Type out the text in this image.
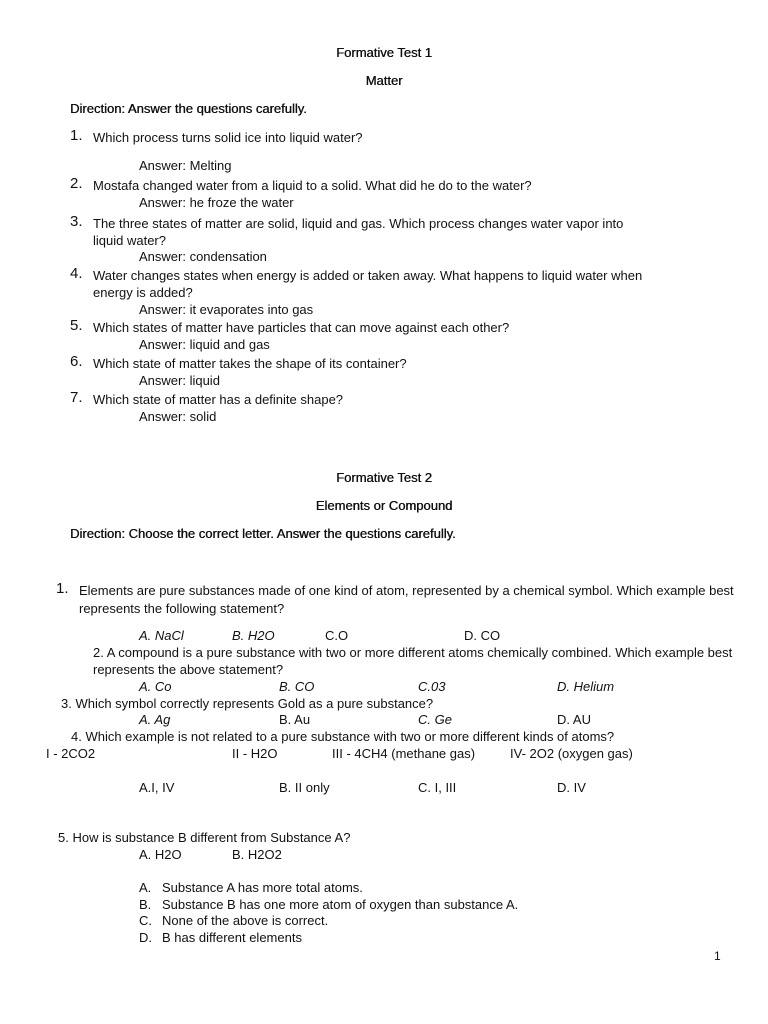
Formative Test 1
Matter
Direction: Answer the questions carefully.
1. Which process turns solid ice into liquid water?
Answer: Melting
2. Mostafa changed water from a liquid to a solid. What did he do to the water?
Answer: he froze the water
3. The three states of matter are solid, liquid and gas. Which process changes water vapor into
liquid water?
Answer: condensation
4. Water changes states when energy is added or taken away. What happens to liquid water when
energy is added?
Answer: it evaporates into gas
5. Which states of matter have particles that can move against each other?
Answer: liquid and gas
6. Which state of matter takes the shape of its container?
Answer: liquid
7. Which state of matter has a definite shape?
Answer: solid
Formative Test 2
Elements or Compound
Direction: Choose the correct letter. Answer the questions carefully.
1. Elements are pure substances made of one kind of atom, represented by a chemical symbol. Which example best
represents the following statement?
A. NaCl	B. H2O	C.O	D. CO
2. A compound is a pure substance with two or more different atoms chemically combined. Which example best
represents the above statement?
A. Co	B. CO	C.03	D. Helium
3. Which symbol correctly represents Gold as a pure substance?
A. Ag	B. Au	C. Ge	D. AU
4. Which example is not related to a pure substance with two or more different kinds of atoms?
I - 2CO2	II - H2O	III - 4CH4 (methane gas)	IV- 2O2 (oxygen gas)
A.I, IV	B. II only	C. I, III	D. IV
5. How is substance B different from Substance A?
A. H2O	B. H2O2
A. Substance A has more total atoms.
B. Substance B has one more atom of oxygen than substance A.
C. None of the above is correct.
D. B has different elements
1
